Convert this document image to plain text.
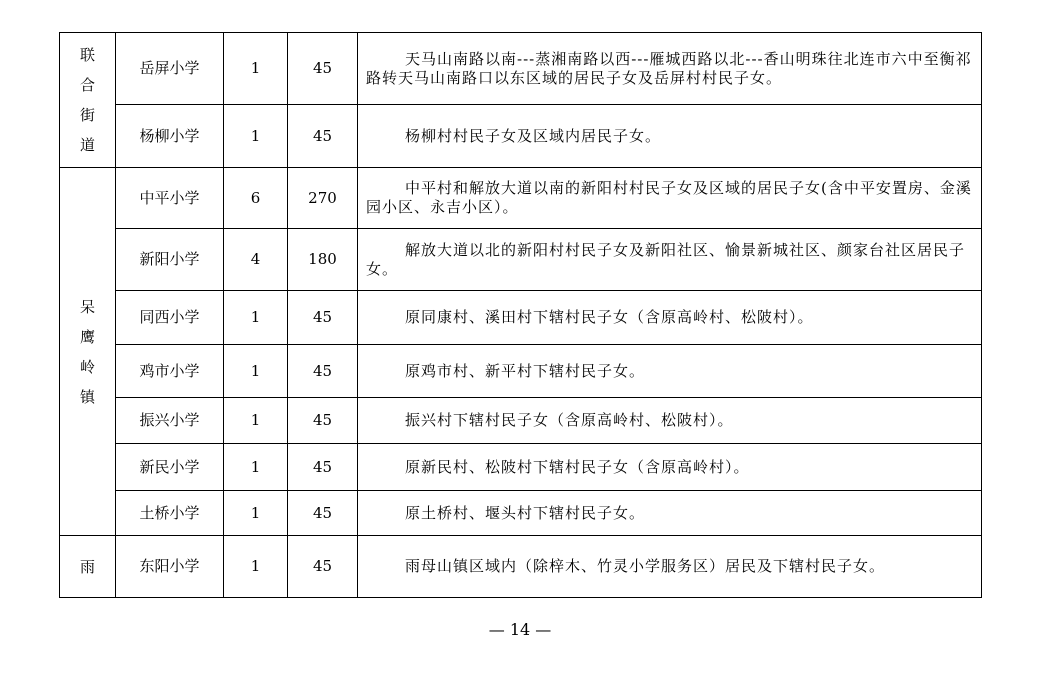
联合街道	岳屏小学	1	45	天马山南路以南---蒸湘南路以西---雁城西路以北---香山明珠往北连市六中至衡祁路转天马山南路口以东区域的居民子女及岳屏村村民子女。

	杨柳小学	1	45	杨柳村村民子女及区域内居民子女。

呆鹰岭镇	中平小学	6	270	中平村和解放大道以南的新阳村村民子女及区域的居民子女(含中平安置房、金溪园小区、永吉小区）。

	新阳小学	4	180	解放大道以北的新阳村村民子女及新阳社区、愉景新城社区、颜家台社区居民子女。

	同西小学	1	45	原同康村、溪田村下辖村民子女（含原高岭村、松陂村）。

	鸡市小学	1	45	原鸡市村、新平村下辖村民子女。

	振兴小学	1	45	振兴村下辖村民子女（含原高岭村、松陂村）。

	新民小学	1	45	原新民村、松陂村下辖村民子女（含原高岭村）。

	土桥小学	1	45	原土桥村、堰头村下辖村民子女。

雨	东阳小学	1	45	雨母山镇区域内（除梓木、竹灵小学服务区）居民及下辖村民子女。
— 14 —
